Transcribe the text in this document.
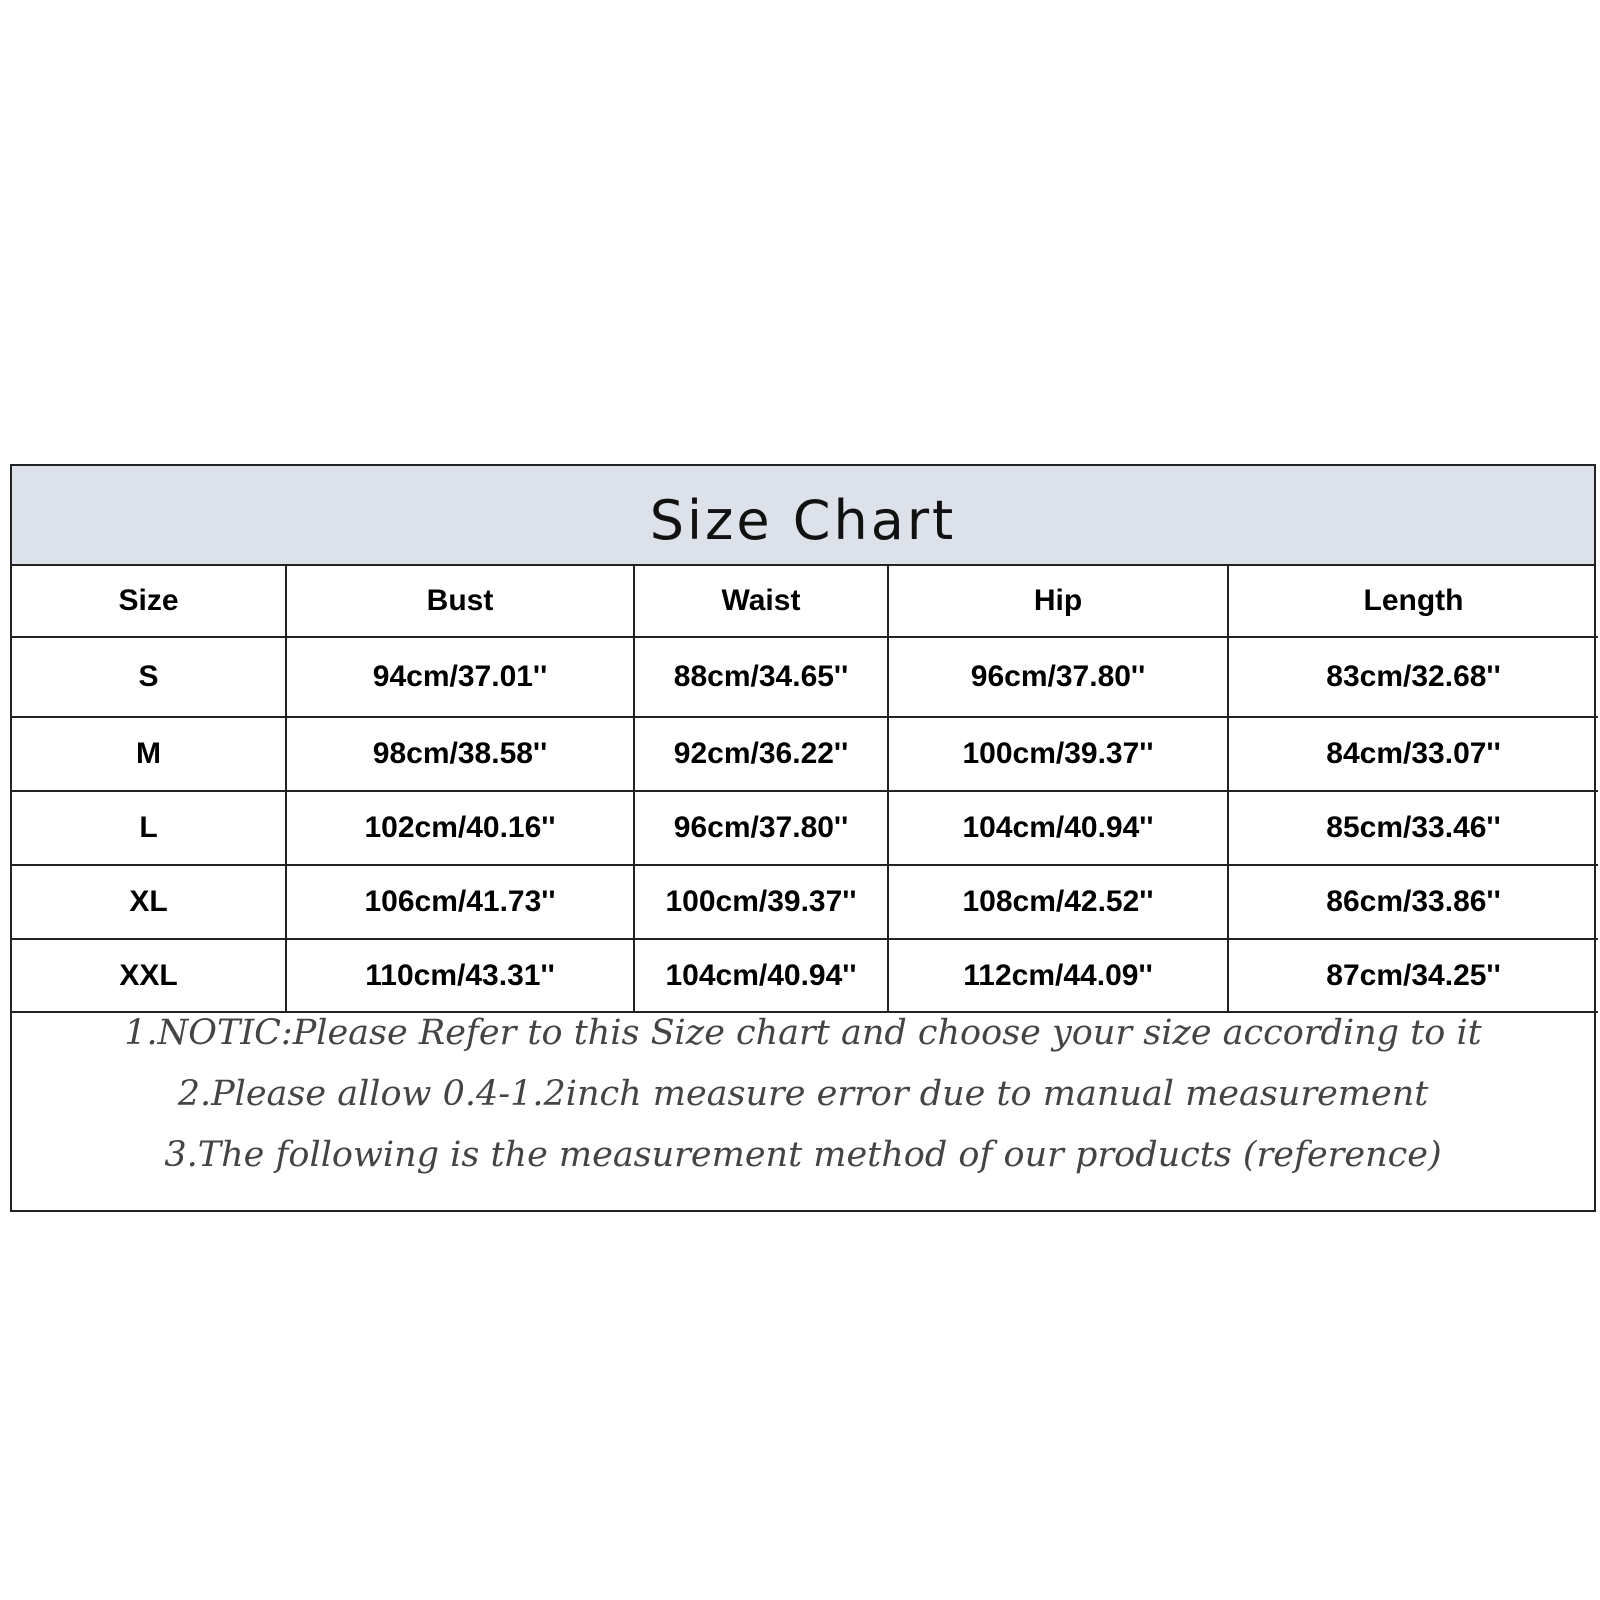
Size Chart
Size	Bust	Waist	Hip	Length
S	94cm/37.01''	88cm/34.65''	96cm/37.80''	83cm/32.68''
M	98cm/38.58''	92cm/36.22''	100cm/39.37''	84cm/33.07''
L	102cm/40.16''	96cm/37.80''	104cm/40.94''	85cm/33.46''
XL	106cm/41.73''	100cm/39.37''	108cm/42.52''	86cm/33.86''
XXL	110cm/43.31''	104cm/40.94''	112cm/44.09''	87cm/34.25''
1.NOTIC:Please Refer to this Size chart and choose your size according to it
2.Please allow 0.4-1.2inch measure error due to manual measurement
3.The following is the measurement method of our products (reference)
